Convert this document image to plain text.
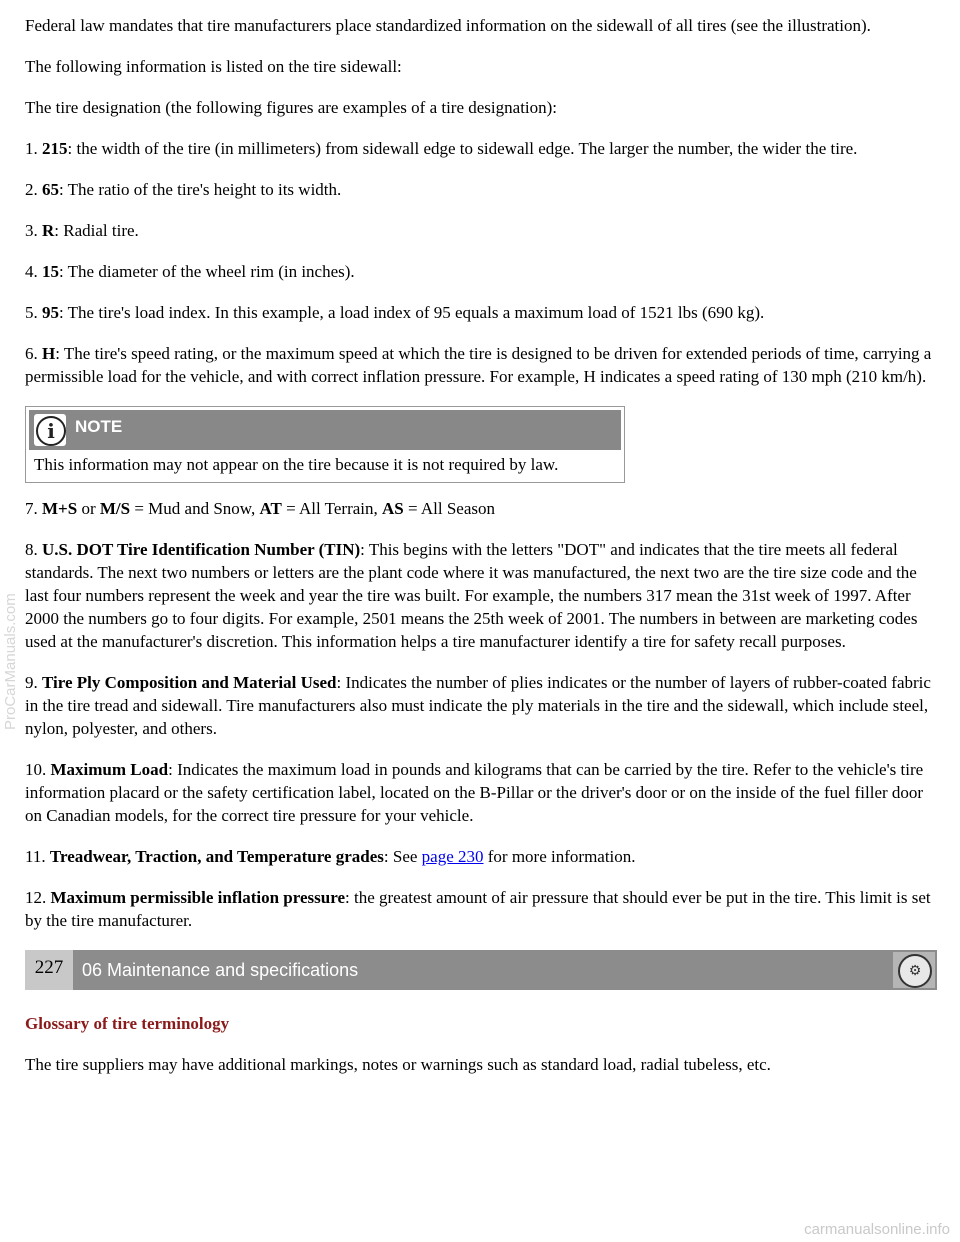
Federal law mandates that tire manufacturers place standardized information on the sidewall of all tires (see the illustration).

The following information is listed on the tire sidewall:

The tire designation (the following figures are examples of a tire designation):

1. 215: the width of the tire (in millimeters) from sidewall edge to sidewall edge. The larger the number, the wider the tire.

2. 65: The ratio of the tire's height to its width.

3. R: Radial tire.

4. 15: The diameter of the wheel rim (in inches).

5. 95: The tire's load index. In this example, a load index of 95 equals a maximum load of 1521 lbs (690 kg).

6. H: The tire's speed rating, or the maximum speed at which the tire is designed to be driven for extended periods of time, carrying a permissible load for the vehicle, and with correct inflation pressure. For example, H indicates a speed rating of 130 mph (210 km/h).

i	NOTE
This information may not appear on the tire because it is not required by law.

7. M+S or M/S = Mud and Snow, AT = All Terrain, AS = All Season

8. U.S. DOT Tire Identification Number (TIN): This begins with the letters "DOT" and indicates that the tire meets all federal standards. The next two numbers or letters are the plant code where it was manufactured, the next two are the tire size code and the last four numbers represent the week and year the tire was built. For example, the numbers 317 mean the 31st week of 1997. After 2000 the numbers go to four digits. For example, 2501 means the 25th week of 2001. The numbers in between are marketing codes used at the manufacturer's discretion. This information helps a tire manufacturer identify a tire for safety recall purposes.

9. Tire Ply Composition and Material Used: Indicates the number of plies indicates or the number of layers of rubber-coated fabric in the tire tread and sidewall. Tire manufacturers also must indicate the ply materials in the tire and the sidewall, which include steel, nylon, polyester, and others.

10. Maximum Load: Indicates the maximum load in pounds and kilograms that can be carried by the tire. Refer to the vehicle's tire information placard or the safety certification label, located on the B-Pillar or the driver's door or on the inside of the fuel filler door on Canadian models, for the correct tire pressure for your vehicle.

11. Treadwear, Traction, and Temperature grades: See page 230 for more information.

12. Maximum permissible inflation pressure: the greatest amount of air pressure that should ever be put in the tire. This limit is set by the tire manufacturer.

227	06 Maintenance and specifications	⚙

Glossary of tire terminology

The tire suppliers may have additional markings, notes or warnings such as standard load, radial tubeless, etc.

ProCarManuals.com
carmanualsonline.info
